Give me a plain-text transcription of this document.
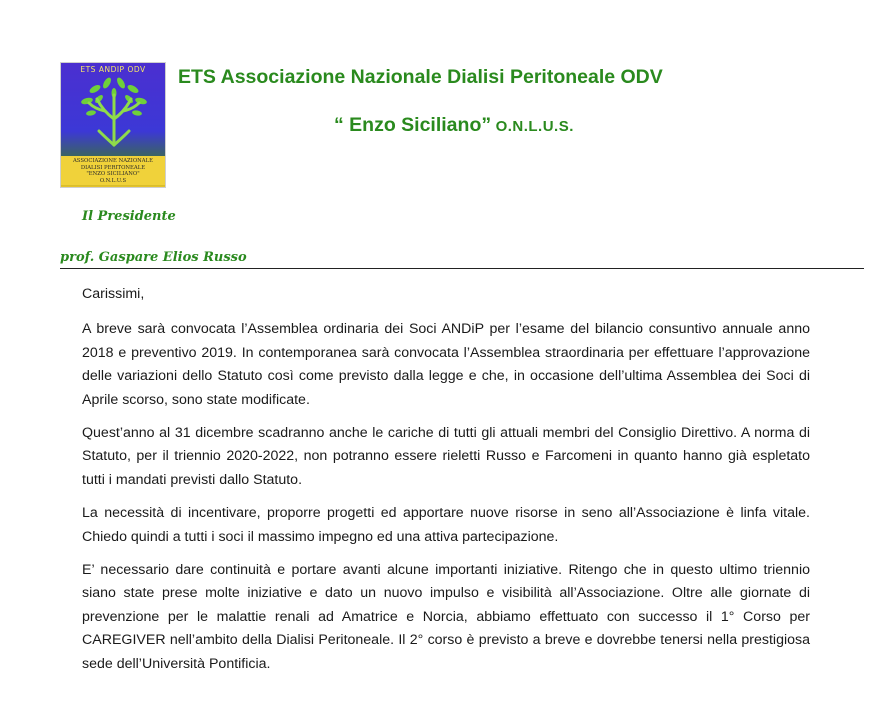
ETS ANDIP ODV
ASSOCIAZIONE NAZIONALE
DIALISI PERITONEALE
"ENZO SICILIANO"
O.N.L.U.S
ETS Associazione Nazionale Dialisi Peritoneale ODV
“ Enzo Siciliano” O.N.L.U.S.
Il Presidente
prof. Gaspare Elios Russo

Carissimi,

A breve sarà convocata l’Assemblea ordinaria dei Soci ANDiP per l’esame del bilancio consuntivo annuale anno 2018 e preventivo 2019. In contemporanea sarà convocata l’Assemblea straordinaria per effettuare l’approvazione delle variazioni dello Statuto così come previsto dalla legge e che, in occasione dell’ultima Assemblea dei Soci di Aprile scorso, sono state modificate.

Quest’anno al 31 dicembre scadranno anche le cariche di tutti gli attuali membri del Consiglio Direttivo. A norma di Statuto, per il triennio 2020-2022, non potranno essere rieletti Russo e Farcomeni in quanto hanno già espletato tutti i mandati previsti dallo Statuto.

La necessità di incentivare, proporre progetti ed apportare nuove risorse in seno all’Associazione è linfa vitale. Chiedo quindi a tutti i soci il massimo impegno ed una attiva partecipazione.

E’ necessario dare continuità e portare avanti alcune importanti iniziative. Ritengo che in questo ultimo triennio siano state prese molte iniziative e dato un nuovo impulso e visibilità all’Associazione. Oltre alle giornate di prevenzione per le malattie renali ad Amatrice e Norcia, abbiamo effettuato con successo il 1° Corso per CAREGIVER nell’ambito della Dialisi Peritoneale. Il 2° corso è previsto a breve e dovrebbe tenersi nella prestigiosa sede dell’Università Pontificia.
